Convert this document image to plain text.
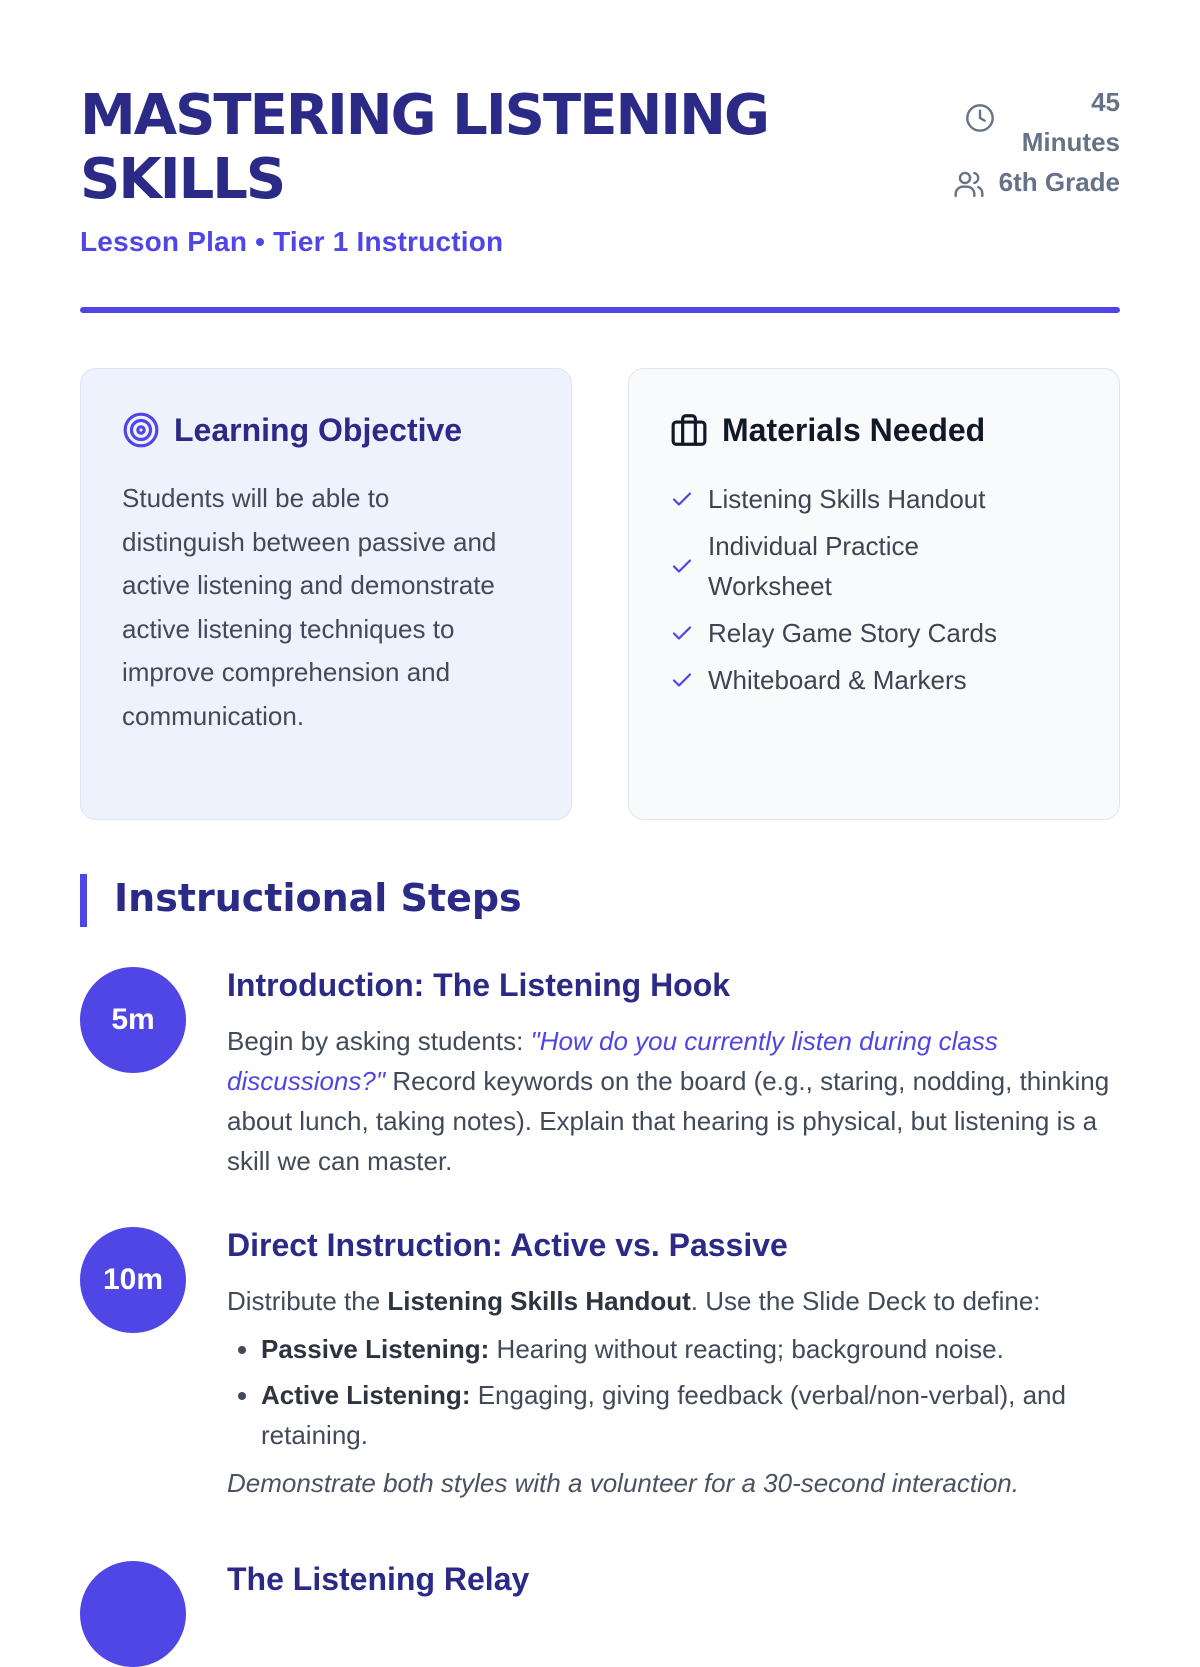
MASTERING LISTENING SKILLS
Lesson Plan • Tier 1 Instruction
45 Minutes
6th Grade
Learning Objective

Students will be able to distinguish between passive and active listening and demonstrate active listening techniques to improve comprehension and communication.

Materials Needed
Listening Skills Handout
Individual Practice Worksheet
Relay Game Story Cards
Whiteboard & Markers
Instructional Steps
5m
Introduction: The Listening Hook

Begin by asking students: "How do you currently listen during class discussions?" Record keywords on the board (e.g., staring, nodding, thinking about lunch, taking notes). Explain that hearing is physical, but listening is a skill we can master.

10m
Direct Instruction: Active vs. Passive

Distribute the Listening Skills Handout. Use the Slide Deck to define:

• Passive Listening: Hearing without reacting; background noise.
• Active Listening: Engaging, giving feedback (verbal/non-verbal), and retaining.

Demonstrate both styles with a volunteer for a 30-second interaction.

The Listening Relay
